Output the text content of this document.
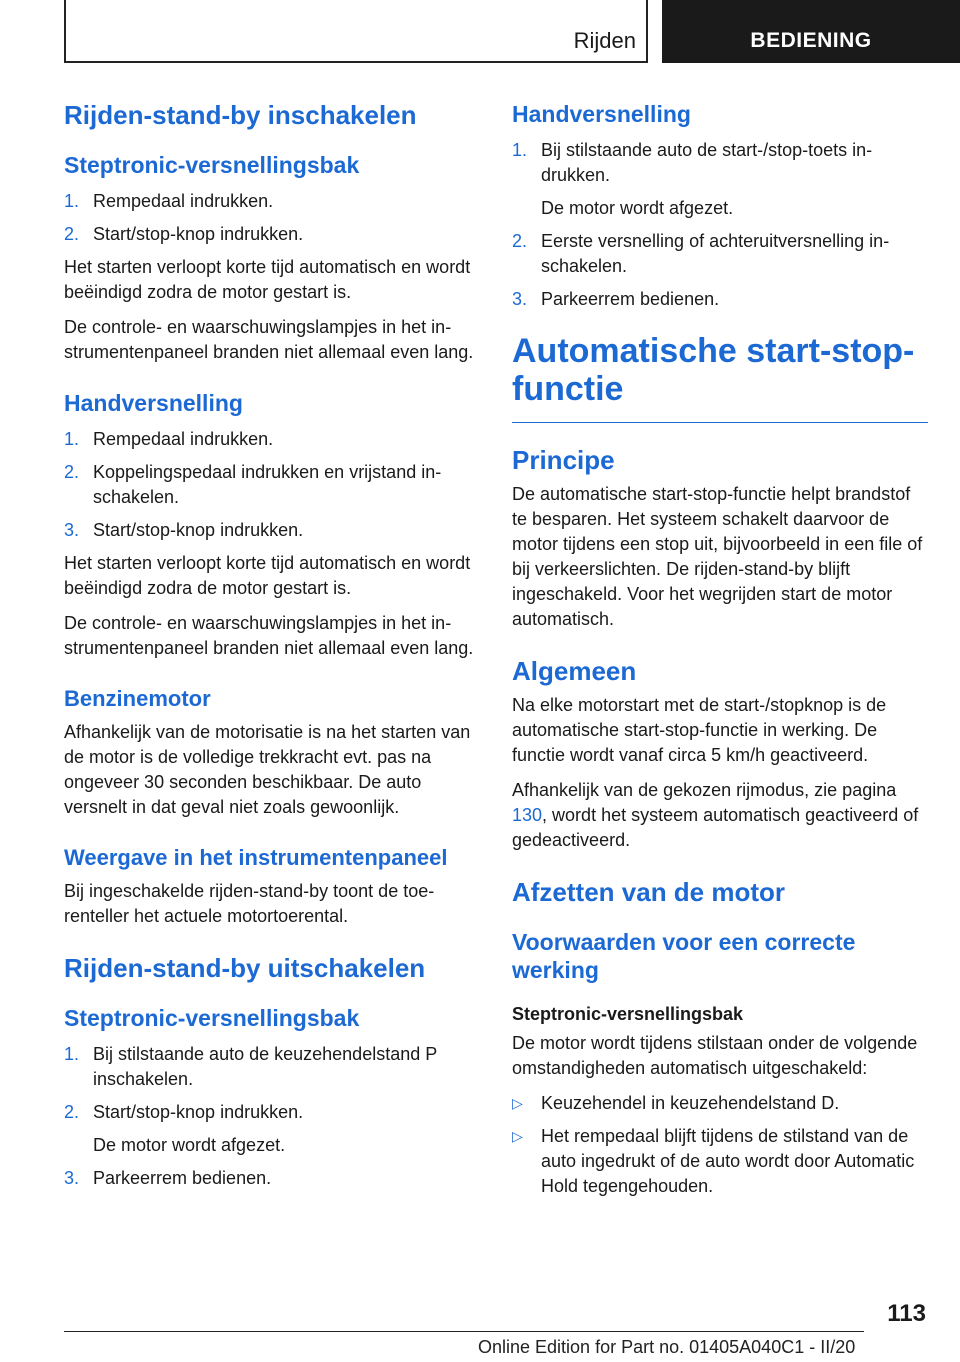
Rijden	BEDIENING
Rijden-stand-by inschakelen
Steptronic-versnellingsbak
1. Rempedaal indrukken.
2. Start/stop-knop indrukken.

Het starten verloopt korte tijd automatisch en wordt beëindigd zodra de motor gestart is.

De controle- en waarschuwingslampjes in het instrumentenpaneel branden niet allemaal even lang.

Handversnelling
1. Rempedaal indrukken.
2. Koppelingspedaal indrukken en vrijstand inschakelen.
3. Start/stop-knop indrukken.

Het starten verloopt korte tijd automatisch en wordt beëindigd zodra de motor gestart is.

De controle- en waarschuwingslampjes in het instrumentenpaneel branden niet allemaal even lang.

Benzinemotor

Afhankelijk van de motorisatie is na het starten van de motor is de volledige trekkracht evt. pas na ongeveer 30 seconden beschikbaar. De auto versnelt in dat geval niet zoals gewoonlijk.

Weergave in het instrumentenpaneel

Bij ingeschakelde rijden-stand-by toont de toerenteller het actuele motortoerental.

Rijden-stand-by uitschakelen
Steptronic-versnellingsbak
1. Bij stilstaande auto de keuzehendelstand P inschakelen.
2. Start/stop-knop indrukken.
De motor wordt afgezet.
3. Parkeerrem bedienen.
Handversnelling
1. Bij stilstaande auto de start-/stop-toets indrukken.
De motor wordt afgezet.
2. Eerste versnelling of achteruitversnelling inschakelen.
3. Parkeerrem bedienen.
Automatische start-stop-functie
Principe

De automatische start-stop-functie helpt brandstof te besparen. Het systeem schakelt daarvoor de motor tijdens een stop uit, bijvoorbeeld in een file of bij verkeerslichten. De rijden-stand-by blijft ingeschakeld. Voor het wegrijden start de motor automatisch.

Algemeen

Na elke motorstart met de start-/stopknop is de automatische start-stop-functie in werking. De functie wordt vanaf circa 5 km/h geactiveerd.

Afhankelijk van de gekozen rijmodus, zie pagina 130, wordt het systeem automatisch geactiveerd of gedeactiveerd.

Afzetten van de motor
Voorwaarden voor een correcte werking
Steptronic-versnellingsbak

De motor wordt tijdens stilstaan onder de volgende omstandigheden automatisch uitgeschakeld:

▷ Keuzehendel in keuzehendelstand D.
▷ Het rempedaal blijft tijdens de stilstand van de auto ingedrukt of de auto wordt door Automatic Hold tegengehouden.
113
Online Edition for Part no. 01405A040C1 - II/20
